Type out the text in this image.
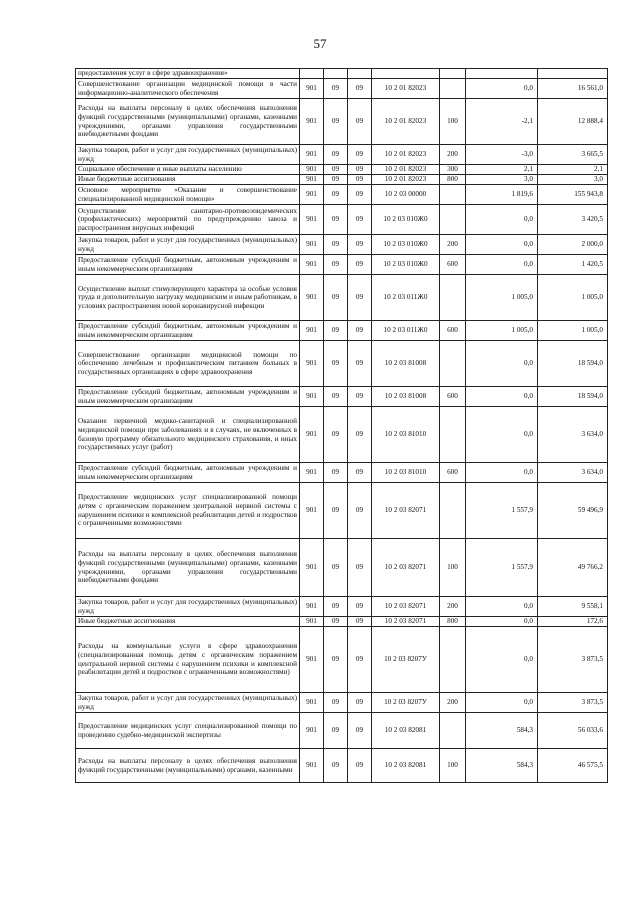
57
предоставления услуг в сфере здравоохранения»							
Совершенствование организации медицинской помощи в части информационно-аналитического обеспечения	901	09	09	10 2 01 82023		0,0	16 561,0
Расходы на выплаты персоналу в целях обеспечения выполнения функций государственными (муниципальными) органами, казенными учреждениями, органами управления государственными внебюджетными фондами	901	09	09	10 2 01 82023	100	-2,1	12 888,4
Закупка товаров, работ и услуг для государственных (муниципальных) нужд	901	09	09	10 2 01 82023	200	-3,0	3 665,5
Социальное обеспечение и иные выплаты населению	901	09	09	10 2 01 82023	300	2,1	2,1
Иные бюджетные ассигнования	901	09	09	10 2 01 82023	800	3,0	3,0
Основное мероприятие «Оказание и совершенствование специализированной медицинской помощи»	901	09	09	10 2 03 00000		1 819,6	155 943,8
Осуществление санитарно-противоэпидемических (профилактических) мероприятий по предупреждению завоза и распространения вирусных инфекций	901	09	09	10 2 03 010Ж0		0,0	3 420,5
Закупка товаров, работ и услуг для государственных (муниципальных) нужд	901	09	09	10 2 03 010Ж0	200	0,0	2 000,0
Предоставление субсидий бюджетным, автономным учреждениям и иным некоммерческим организациям	901	09	09	10 2 03 010Ж0	600	0,0	1 420,5
Осуществление выплат стимулирующего характера за особые условия труда и дополнительную нагрузку медицинским и иным работникам, в условиях распространения новой коронавирусной инфекции	901	09	09	10 2 03 011Ж0		1 005,0	1 005,0
Предоставление субсидий бюджетным, автономным учреждениям и иным некоммерческим организациям	901	09	09	10 2 03 011Ж0	600	1 005,0	1 005,0
Совершенствование организации медицинской помощи по обеспечению лечебным и профилактическим питанием больных в государственных организациях в сфере здравоохранения	901	09	09	10 2 03 81008		0,0	18 594,0
Предоставление субсидий бюджетным, автономным учреждениям и иным некоммерческим организациям	901	09	09	10 2 03 81008	600	0,0	18 594,0
Оказание первичной медико-санитарной и специализированной медицинской помощи при заболеваниях и в случаях, не включенных в базовую программу обязательного медицинского страхования, и иных государственных услуг (работ)	901	09	09	10 2 03 81010		0,0	3 634,0
Предоставление субсидий бюджетным, автономным учреждениям и иным некоммерческим организациям	901	09	09	10 2 03 81010	600	0,0	3 634,0
Предоставление медицинских услуг специализированной помощи детям с органическим поражением центральной нервной системы с нарушением психики и комплексной реабилитации детей и подростков с ограниченными возможностями	901	09	09	10 2 03 82071		1 557,9	59 496,9
Расходы на выплаты персоналу в целях обеспечения выполнения функций государственными (муниципальными) органами, казенными учреждениями, органами управления государственными внебюджетными фондами	901	09	09	10 2 03 82071	100	1 557,9	49 766,2
Закупка товаров, работ и услуг для государственных (муниципальных) нужд	901	09	09	10 2 03 82071	200	0,0	9 558,1
Иные бюджетные ассигнования	901	09	09	10 2 03 82071	800	0,0	172,6
Расходы на коммунальные услуги в сфере здравоохранения (специализированная помощь детям с органическим поражением центральной нервной системы с нарушением психики и комплексной реабилитации детей и подростков с ограниченными возможностями)	901	09	09	10 2 03 8207У		0,0	3 873,5
Закупка товаров, работ и услуг для государственных (муниципальных) нужд	901	09	09	10 2 03 8207У	200	0,0	3 873,5
Предоставление медицинских услуг специализированной помощи по проведению судебно-медицинской экспертизы	901	09	09	10 2 03 82081		584,3	56 033,6
Расходы на выплаты персоналу в целях обеспечения выполнения функций государственными (муниципальными) органами, казенными	901	09	09	10 2 03 82081	100	584,3	46 575,5
